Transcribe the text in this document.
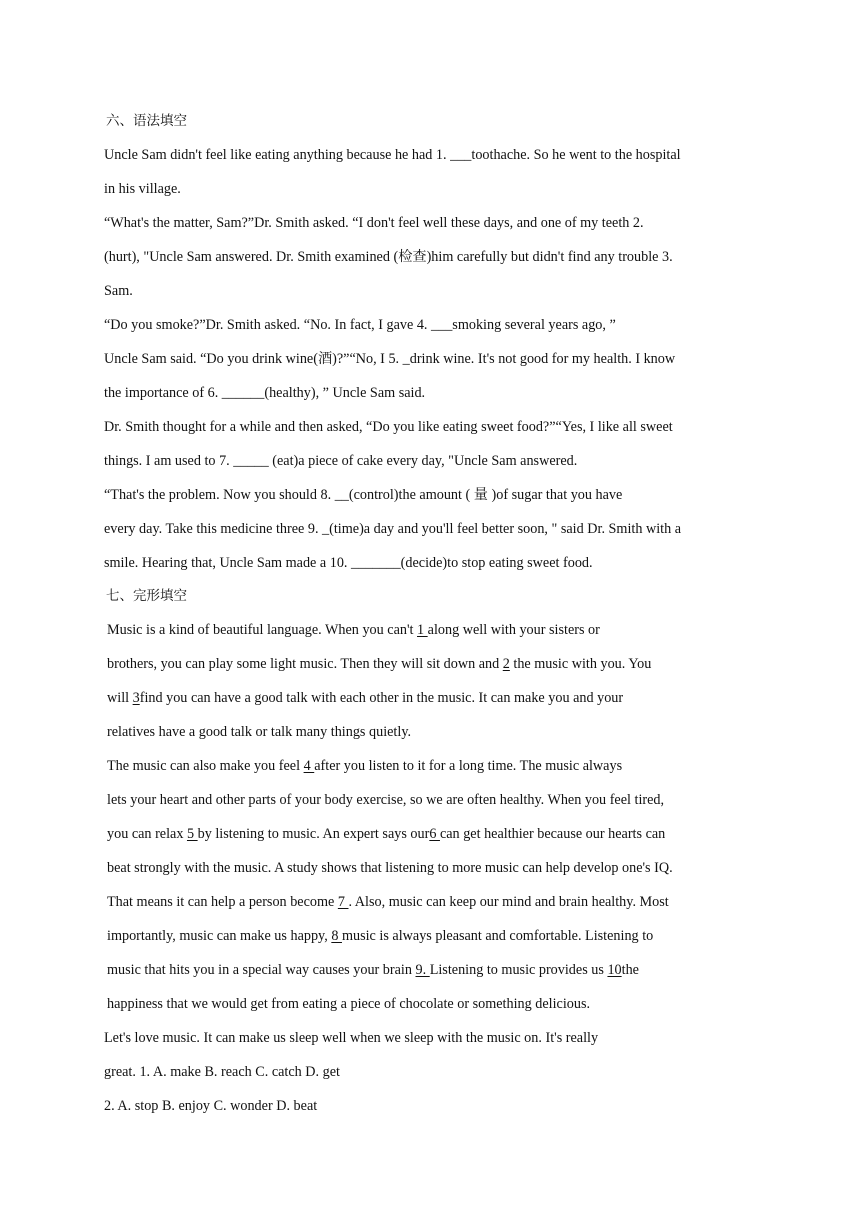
六、语法填空
Uncle Sam didn't feel like eating anything because he had 1. ___toothache. So he went to the hospital
in his village.
“What's the matter, Sam?”Dr. Smith asked. “I don't feel well these days, and one of my teeth 2.
(hurt), "Uncle Sam answered. Dr. Smith examined (检查)him carefully but didn't find any trouble 3.
Sam.
“Do you smoke?”Dr. Smith asked. “No. In fact, I gave 4. ___smoking several years ago, ”
Uncle Sam said. “Do you drink wine(酒)?”“No, I 5. _drink wine. It's not good for my health. I know
the importance of 6. ______(healthy), ” Uncle Sam said.
Dr. Smith thought for a while and then asked, “Do you like eating sweet food?”“Yes, I like all sweet
things. I am used to 7. _____ (eat)a piece of cake every day, "Uncle Sam answered.
“That's the problem. Now you should 8. __(control)the amount ( 量 )of sugar that you have
every day. Take this medicine three 9. _(time)a day and you'll feel better soon, " said Dr. Smith with a
smile. Hearing that, Uncle Sam made a 10. _______(decide)to stop eating sweet food.
七、完形填空
Music is a kind of beautiful language. When you can't 1 along well with your sisters or
brothers, you can play some light music. Then they will sit down and 2 the music with you. You
will 3find you can have a good talk with each other in the music. It can make you and your
relatives have a good talk or talk many things quietly.
The music can also make you feel 4 after you listen to it for a long time. The music always
lets your heart and other parts of your body exercise, so we are often healthy. When you feel tired,
you can relax 5 by listening to music. An expert says our6 can get healthier because our hearts can
beat strongly with the music. A study shows that listening to more music can help develop one's IQ.
That means it can help a person become 7 . Also, music can keep our mind and brain healthy. Most
importantly, music can make us happy, 8 music is always pleasant and comfortable. Listening to
music that hits you in a special way causes your brain 9. Listening to music provides us 10the
happiness that we would get from eating a piece of chocolate or something delicious.
Let's love music. It can make us sleep well when we sleep with the music on. It's really
great. 1. A. make B. reach C. catch D. get
2. A. stop B. enjoy C. wonder D. beat
